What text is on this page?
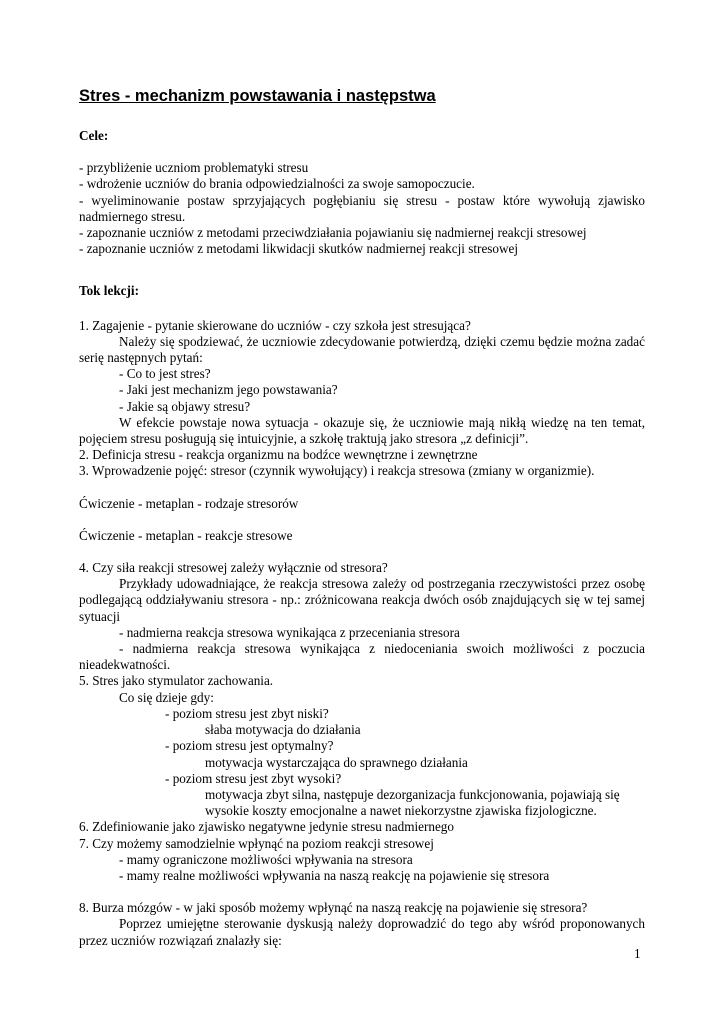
Stres - mechanizm powstawania i następstwa

Cele:

- przybliżenie uczniom problematyki stresu

- wdrożenie uczniów do brania odpowiedzialności za swoje samopoczucie.

- wyeliminowanie postaw sprzyjających pogłębianiu się stresu - postaw które wywołują zjawisko nadmiernego stresu.

- zapoznanie uczniów z metodami przeciwdziałania pojawianiu się nadmiernej reakcji stresowej

- zapoznanie uczniów z metodami likwidacji skutków nadmiernej reakcji stresowej

Tok lekcji:

1. Zagajenie - pytanie skierowane do uczniów - czy szkoła jest stresująca?

Należy się spodziewać, że uczniowie zdecydowanie potwierdzą, dzięki czemu będzie można zadać serię następnych pytań:

- Co to jest stres?

- Jaki jest mechanizm jego powstawania?

- Jakie są objawy stresu?

W efekcie powstaje nowa sytuacja - okazuje się, że uczniowie mają nikłą wiedzę na ten temat, pojęciem stresu posługują się intuicyjnie, a szkołę traktują jako stresora „z definicji”.

2. Definicja stresu - reakcja organizmu na bodźce wewnętrzne i zewnętrzne

3. Wprowadzenie pojęć: stresor (czynnik wywołujący) i reakcja stresowa (zmiany w organizmie).

Ćwiczenie - metaplan - rodzaje stresorów

Ćwiczenie - metaplan - reakcje stresowe

4. Czy siła reakcji stresowej zależy wyłącznie od stresora?

Przykłady udowadniające, że reakcja stresowa zależy od postrzegania rzeczywistości przez osobę podlegającą oddziaływaniu stresora - np.: zróżnicowana reakcja dwóch osób znajdujących się w tej samej sytuacji

- nadmierna reakcja stresowa wynikająca z przeceniania stresora

- nadmierna reakcja stresowa wynikająca z niedoceniania swoich możliwości z poczucia nieadekwatności.

5. Stres jako stymulator zachowania.

Co się dzieje gdy:

- poziom stresu jest zbyt niski?

słaba motywacja do działania

- poziom stresu jest optymalny?

motywacja wystarczająca do sprawnego działania

- poziom stresu jest zbyt wysoki?

motywacja zbyt silna, następuje dezorganizacja funkcjonowania, pojawiają się wysokie koszty emocjonalne a nawet niekorzystne zjawiska fizjologiczne.

6. Zdefiniowanie jako zjawisko negatywne jedynie stresu nadmiernego

7. Czy możemy samodzielnie wpłynąć na poziom reakcji stresowej

- mamy ograniczone możliwości wpływania na stresora

- mamy realne możliwości wpływania na naszą reakcję na pojawienie się stresora

8. Burza mózgów - w jaki sposób możemy wpłynąć na naszą reakcję na pojawienie się stresora?

Poprzez umiejętne sterowanie dyskusją należy doprowadzić do tego aby wśród proponowanych przez uczniów rozwiązań znalazły się:

1
